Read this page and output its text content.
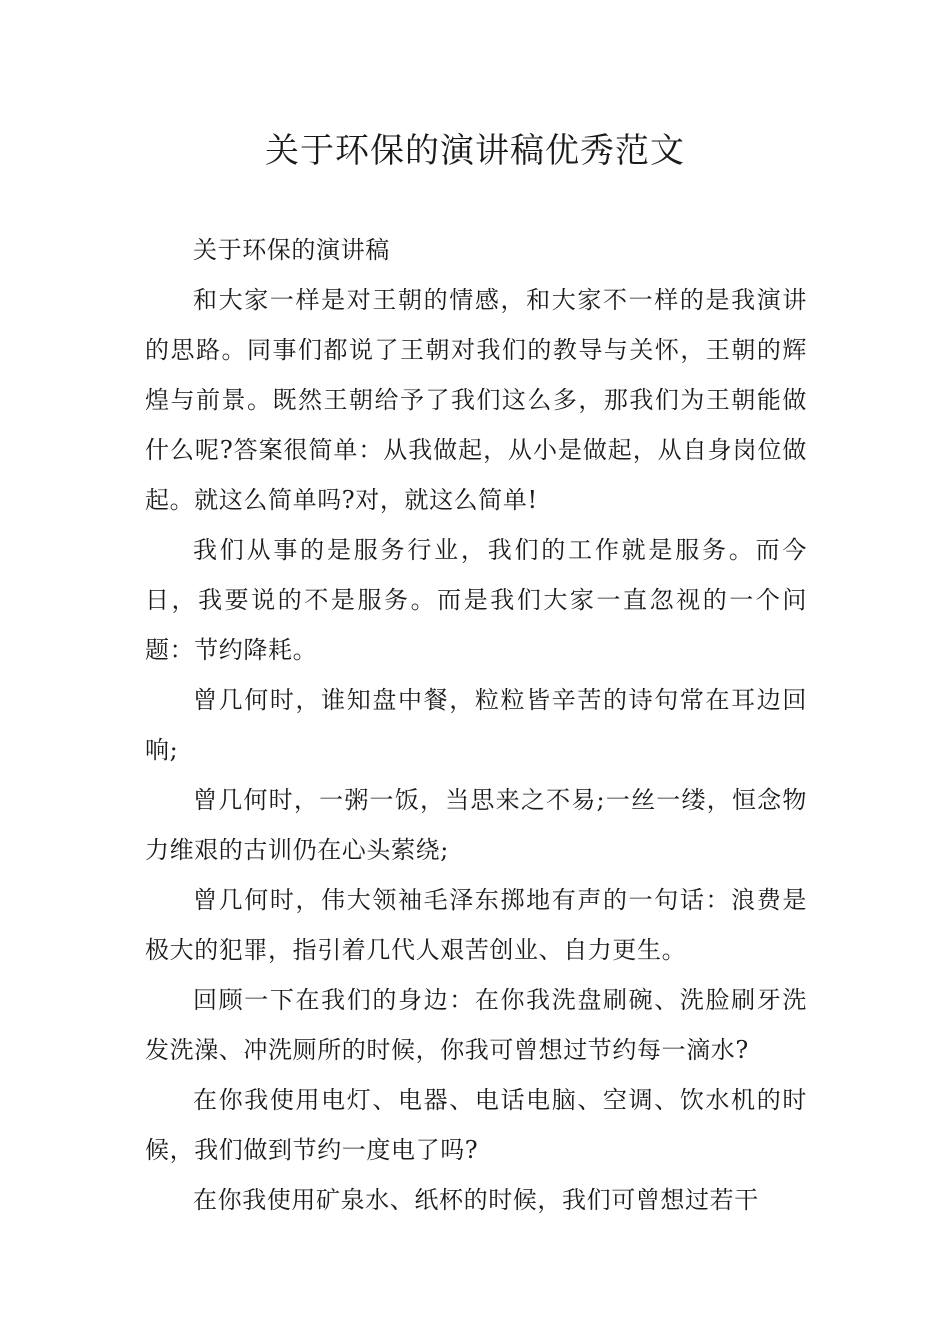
关于环保的演讲稿优秀范文

关于环保的演讲稿

和大家一样是对王朝的情感，和大家不一样的是我演讲的思路。同事们都说了王朝对我们的教导与关怀，王朝的辉煌与前景。既然王朝给予了我们这么多，那我们为王朝能做什么呢?答案很简单：从我做起，从小是做起，从自身岗位做起。就这么简单吗?对，就这么简单!

我们从事的是服务行业，我们的工作就是服务。而今日，我要说的不是服务。而是我们大家一直忽视的一个问题：节约降耗。

曾几何时，谁知盘中餐，粒粒皆辛苦的诗句常在耳边回响;

曾几何时，一粥一饭，当思来之不易;一丝一缕，恒念物力维艰的古训仍在心头萦绕;

曾几何时，伟大领袖毛泽东掷地有声的一句话：浪费是极大的犯罪，指引着几代人艰苦创业、自力更生。

回顾一下在我们的身边：在你我洗盘刷碗、洗脸刷牙洗发洗澡、冲洗厕所的时候，你我可曾想过节约每一滴水?

在你我使用电灯、电器、电话电脑、空调、饮水机的时候，我们做到节约一度电了吗?

在你我使用矿泉水、纸杯的时候，我们可曾想过若干
